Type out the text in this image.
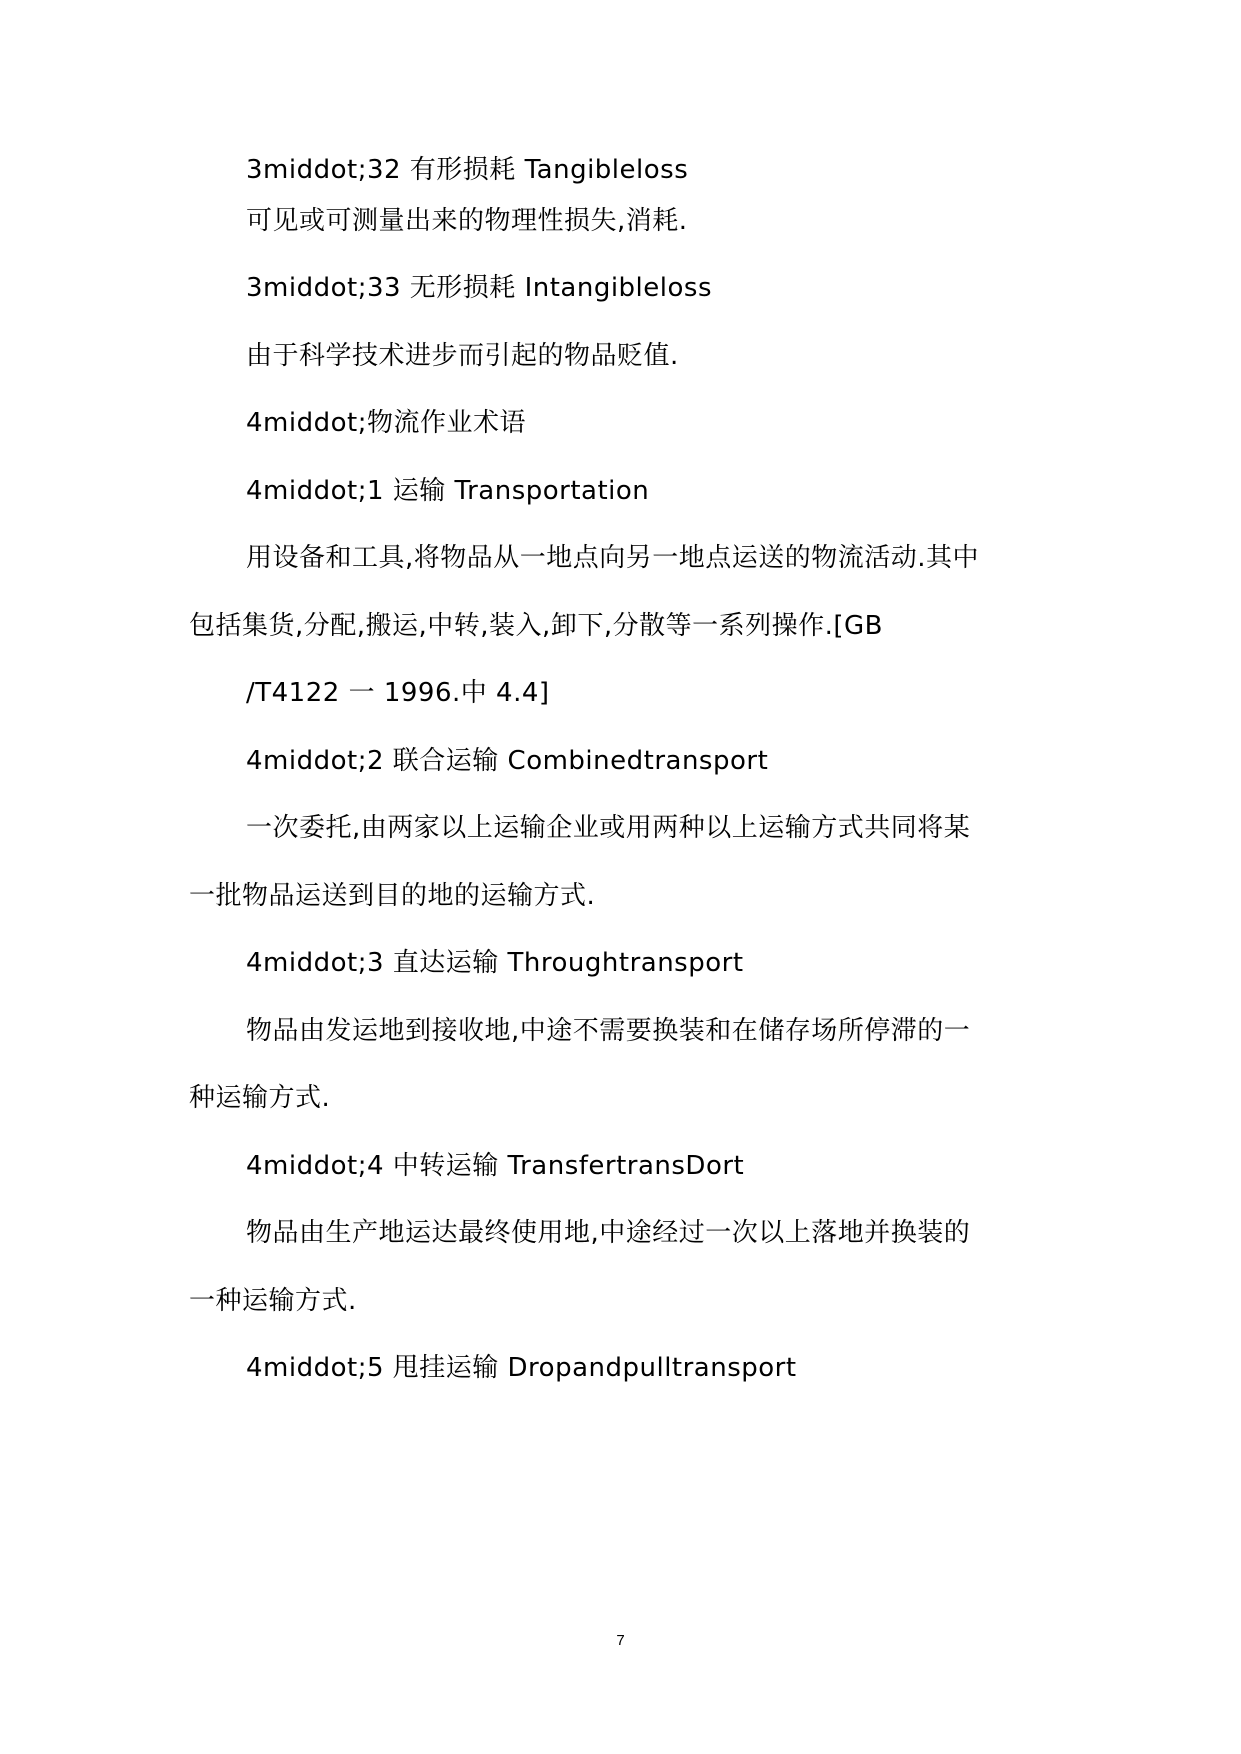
3middot;32 有形损耗 Tangibleloss
可见或可测量出来的物理性损失,消耗.
3middot;33 无形损耗 Intangibleloss
由于科学技术进步而引起的物品贬值.
4middot;物流作业术语
4middot;1 运输 Transportation
用设备和工具,将物品从一地点向另一地点运送的物流活动.其中
包括集货,分配,搬运,中转,装入,卸下,分散等一系列操作.[GB
/T4122 一 1996.中 4.4]
4middot;2 联合运输 Combinedtransport
一次委托,由两家以上运输企业或用两种以上运输方式共同将某
一批物品运送到目的地的运输方式.
4middot;3 直达运输 Throughtransport
物品由发运地到接收地,中途不需要换装和在储存场所停滞的一
种运输方式.
4middot;4 中转运输 TransfertransDort
物品由生产地运达最终使用地,中途经过一次以上落地并换装的
一种运输方式.
4middot;5 甩挂运输 Dropandpulltransport
7
